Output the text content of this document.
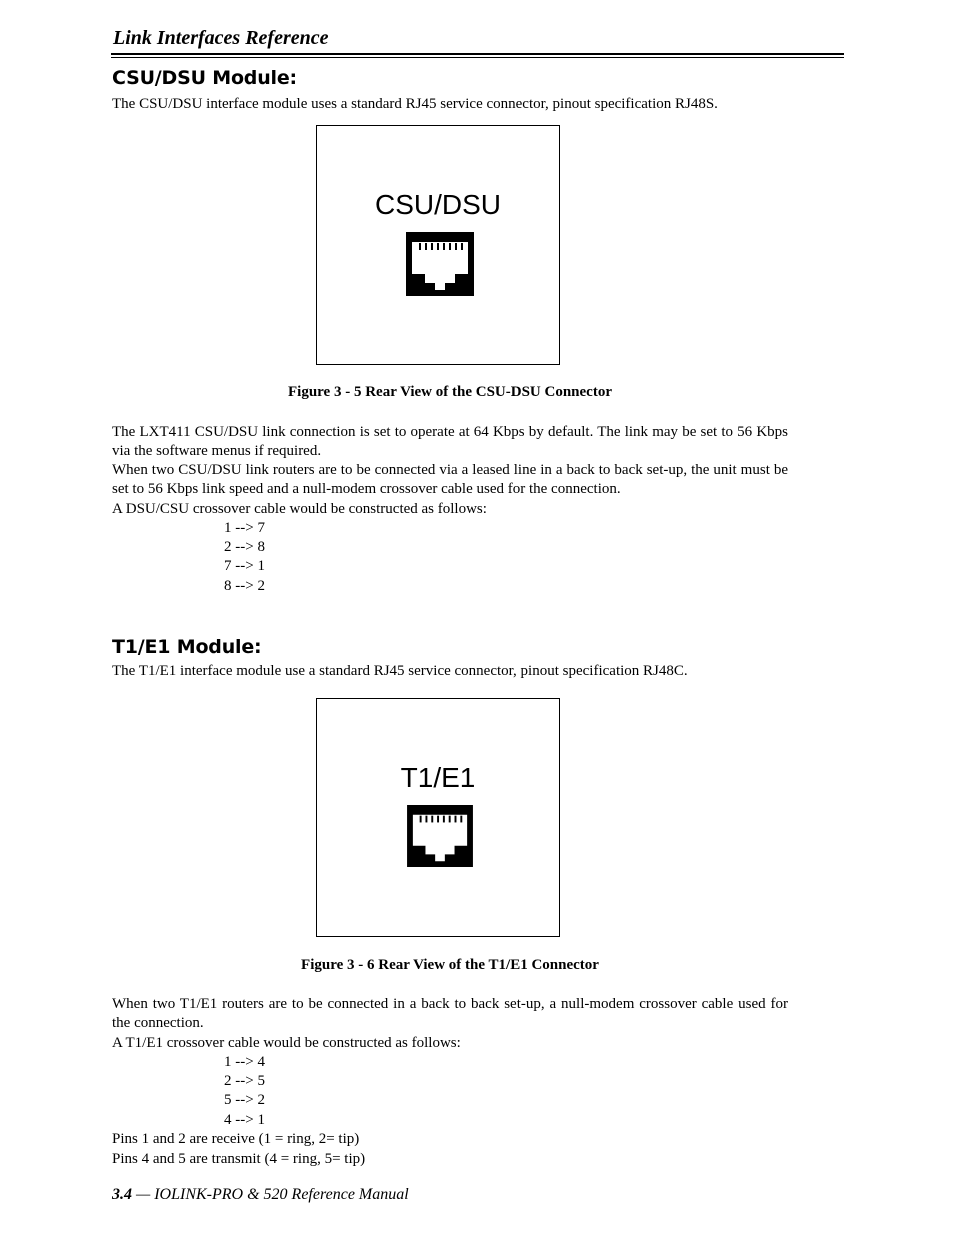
Link Interfaces Reference
CSU/DSU Module:
The CSU/DSU interface module uses a standard RJ45 service connector, pinout specification RJ48S.
CSU/DSU
Figure 3 - 5 Rear View of the CSU-DSU Connector
The LXT411 CSU/DSU link connection is set to operate at 64 Kbps by default. The link may be set to 56 Kbps via the software menus if required.
When two CSU/DSU link routers are to be connected via a leased line in a back to back set-up, the unit must be set to 56 Kbps link speed and a null-modem crossover cable used for the connection.
A DSU/CSU crossover cable would be constructed as follows:
1 --> 7
2 --> 8
7 --> 1
8 --> 2
T1/E1 Module:
The T1/E1 interface module use a standard RJ45 service connector, pinout specification RJ48C.
T1/E1
Figure 3 - 6 Rear View of the T1/E1 Connector
When two T1/E1 routers are to be connected in a back to back set-up, a null-modem crossover cable used for the connection.
A T1/E1 crossover cable would be constructed as follows:
1 --> 4
2 --> 5
5 --> 2
4 --> 1
Pins 1 and 2 are receive (1 = ring, 2= tip)
Pins 4 and 5 are transmit (4 = ring, 5= tip)
3.4 — IOLINK-PRO & 520 Reference Manual
